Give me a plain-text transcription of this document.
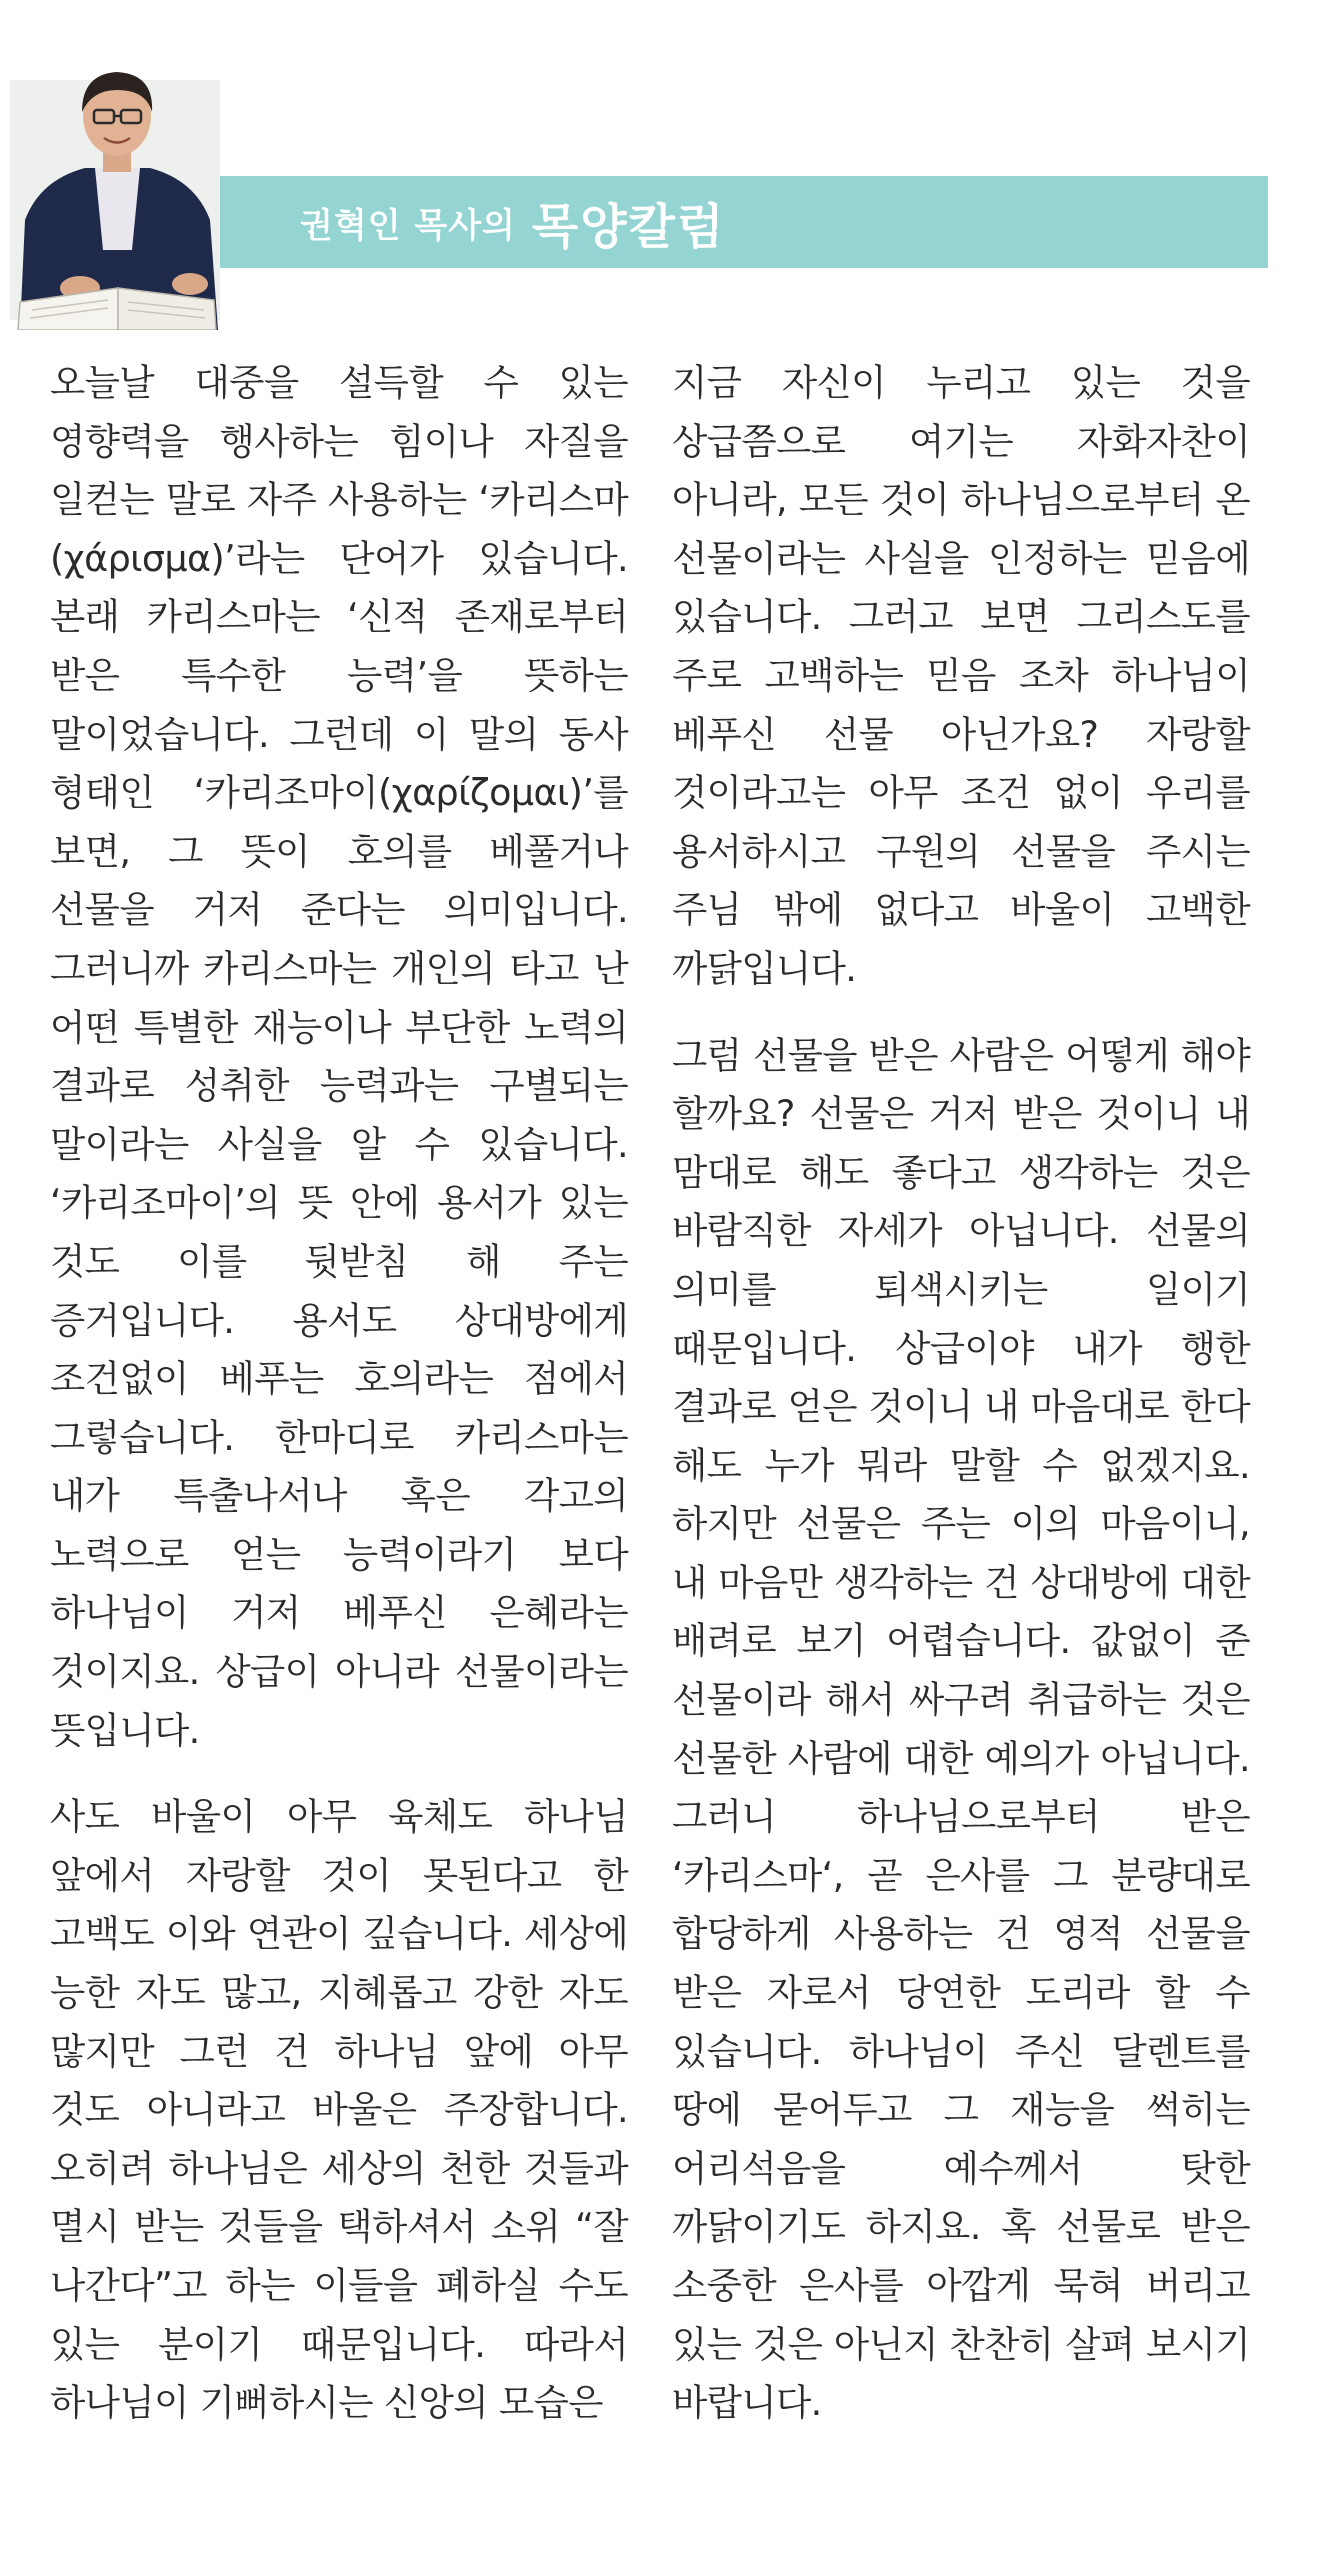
권혁인 목사의 목양칼럼

오늘날 대중을 설득할 수 있는 영향력을 행사하는 힘이나 자질을 일컫는 말로 자주 사용하는 ‘카리스마(χάρισμα)’라는 단어가 있습니다. 본래 카리스마는 ‘신적 존재로부터 받은 특수한 능력’을 뜻하는 말이었습니다. 그런데 이 말의 동사 형태인 ‘카리조마이(χαρίζομαι)’를 보면, 그 뜻이 호의를 베풀거나 선물을 거저 준다는 의미입니다. 그러니까 카리스마는 개인의 타고 난 어떤 특별한 재능이나 부단한 노력의 결과로 성취한 능력과는 구별되는 말이라는 사실을 알 수 있습니다. ‘카리조마이’의 뜻 안에 용서가 있는 것도 이를 뒷받침 해 주는 증거입니다. 용서도 상대방에게 조건없이 베푸는 호의라는 점에서 그렇습니다. 한마디로 카리스마는 내가 특출나서나 혹은 각고의 노력으로 얻는 능력이라기 보다 하나님이 거저 베푸신 은혜라는 것이지요. 상급이 아니라 선물이라는 뜻입니다.

사도 바울이 아무 육체도 하나님 앞에서 자랑할 것이 못된다고 한 고백도 이와 연관이 깊습니다. 세상에 능한 자도 많고, 지혜롭고 강한 자도 많지만 그런 건 하나님 앞에 아무 것도 아니라고 바울은 주장합니다. 오히려 하나님은 세상의 천한 것들과 멸시 받는 것들을 택하셔서 소위 “잘 나간다”고 하는 이들을 폐하실 수도 있는 분이기 때문입니다. 따라서 하나님이 기뻐하시는 신앙의 모습은

지금 자신이 누리고 있는 것을 상급쯤으로 여기는 자화자찬이 아니라, 모든 것이 하나님으로부터 온 선물이라는 사실을 인정하는 믿음에 있습니다. 그러고 보면 그리스도를 주로 고백하는 믿음 조차 하나님이 베푸신 선물 아닌가요? 자랑할 것이라고는 아무 조건 없이 우리를 용서하시고 구원의 선물을 주시는 주님 밖에 없다고 바울이 고백한 까닭입니다.

그럼 선물을 받은 사람은 어떻게 해야 할까요? 선물은 거저 받은 것이니 내 맘대로 해도 좋다고 생각하는 것은 바람직한 자세가 아닙니다. 선물의 의미를 퇴색시키는 일이기 때문입니다. 상급이야 내가 행한 결과로 얻은 것이니 내 마음대로 한다 해도 누가 뭐라 말할 수 없겠지요. 하지만 선물은 주는 이의 마음이니, 내 마음만 생각하는 건 상대방에 대한 배려로 보기 어렵습니다. 값없이 준 선물이라 해서 싸구려 취급하는 것은 선물한 사람에 대한 예의가 아닙니다. 그러니 하나님으로부터 받은 ‘카리스마‘, 곧 은사를 그 분량대로 합당하게 사용하는 건 영적 선물을 받은 자로서 당연한 도리라 할 수 있습니다. 하나님이 주신 달렌트를 땅에 묻어두고 그 재능을 썩히는 어리석음을 예수께서 탓한 까닭이기도 하지요. 혹 선물로 받은 소중한 은사를 아깝게 묵혀 버리고 있는 것은 아닌지 찬찬히 살펴 보시기 바랍니다.
